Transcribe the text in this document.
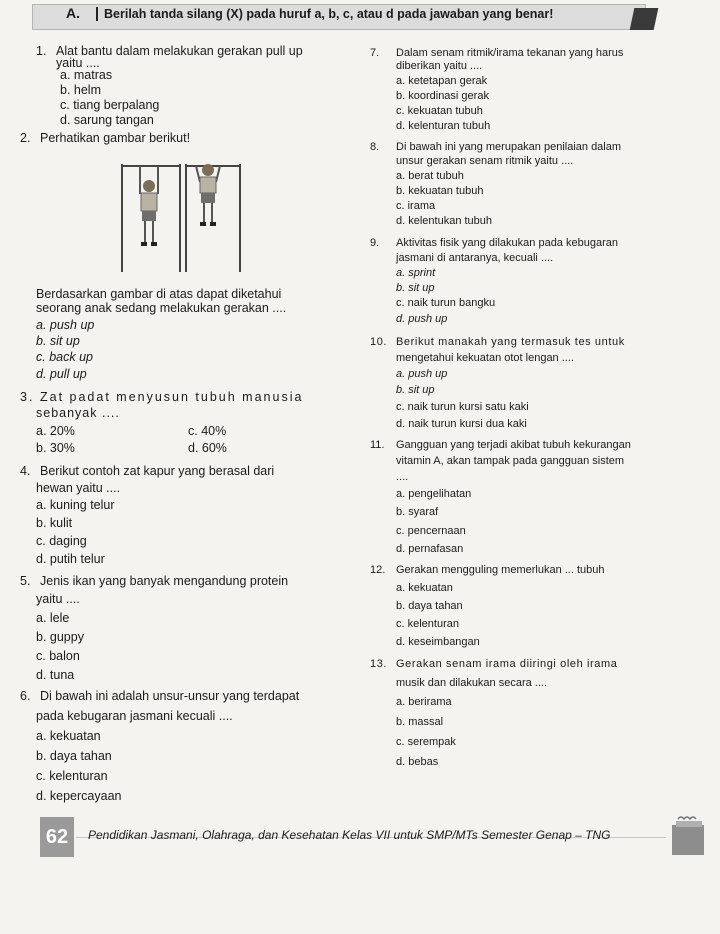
A.	Berilah tanda silang (X) pada huruf a, b, c, atau d pada jawaban yang benar!
1. Alat bantu dalam melakukan gerakan pull up
yaitu ....
a. matras
b. helm
c. tiang berpalang
d. sarung tangan
2. Perhatikan gambar berikut!
Berdasarkan gambar di atas dapat diketahui
seorang anak sedang melakukan gerakan ....
a. push up
b. sit up
c. back up
d. pull up
3. Zat padat menyusun tubuh manusia
sebanyak ....
a. 20%	c. 40%
b. 30%	d. 60%
4. Berikut contoh zat kapur yang berasal dari
hewan yaitu ....
a. kuning telur
b. kulit
c. daging
d. putih telur
5. Jenis ikan yang banyak mengandung protein
yaitu ....
a. lele
b. guppy
c. balon
d. tuna
6. Di bawah ini adalah unsur-unsur yang terdapat
pada kebugaran jasmani kecuali ....
a. kekuatan
b. daya tahan
c. kelenturan
d. kepercayaan
7. Dalam senam ritmik/irama tekanan yang harus
diberikan yaitu ....
a. ketetapan gerak
b. koordinasi gerak
c. kekuatan tubuh
d. kelenturan tubuh
8. Di bawah ini yang merupakan penilaian dalam
unsur gerakan senam ritmik yaitu ....
a. berat tubuh
b. kekuatan tubuh
c. irama
d. kelentukan tubuh
9. Aktivitas fisik yang dilakukan pada kebugaran
jasmani di antaranya, kecuali ....
a. sprint
b. sit up
c. naik turun bangku
d. push up
10. Berikut manakah yang termasuk tes untuk
mengetahui kekuatan otot lengan ....
a. push up
b. sit up
c. naik turun kursi satu kaki
d. naik turun kursi dua kaki
11. Gangguan yang terjadi akibat tubuh kekurangan
vitamin A, akan tampak pada gangguan sistem
....
a. pengelihatan
b. syaraf
c. pencernaan
d. pernafasan
12. Gerakan mengguling memerlukan ... tubuh
a. kekuatan
b. daya tahan
c. kelenturan
d. keseimbangan
13. Gerakan senam irama diiringi oleh irama
musik dan dilakukan secara ....
a. berirama
b. massal
c. serempak
d. bebas
62	Pendidikan Jasmani, Olahraga, dan Kesehatan Kelas VII untuk SMP/MTs Semester Genap – TNG
